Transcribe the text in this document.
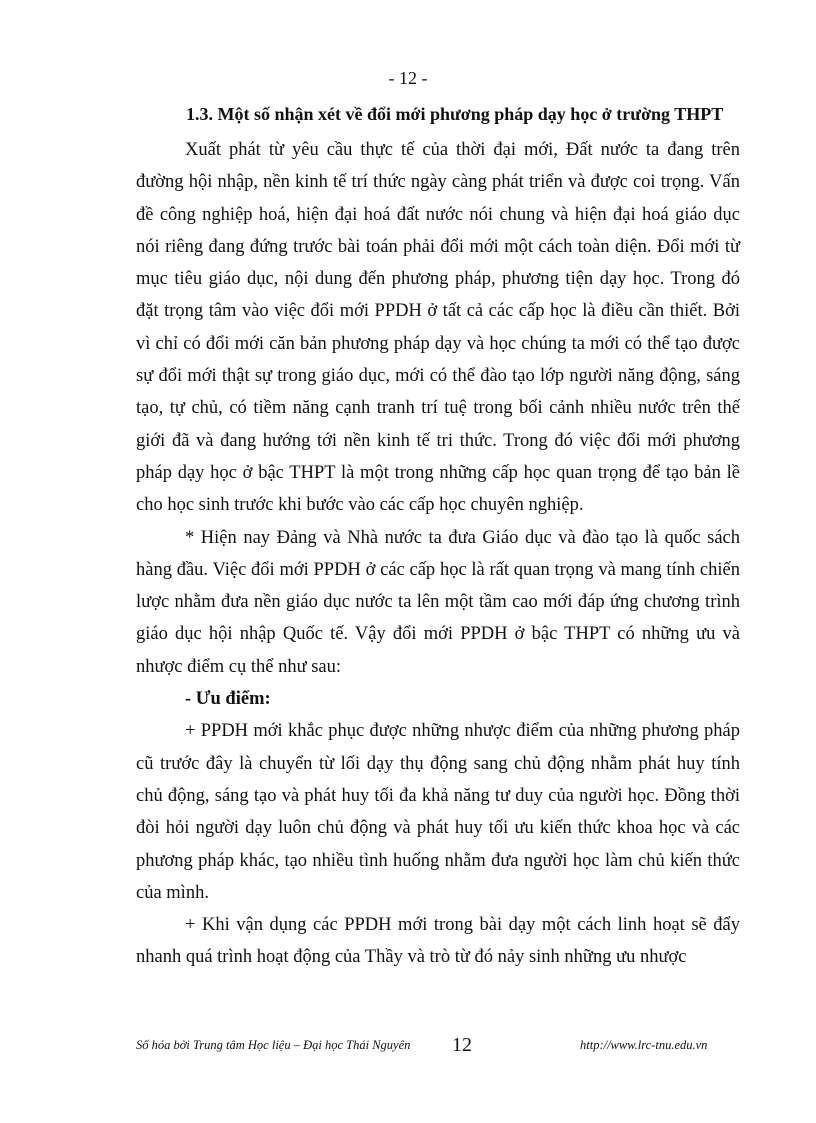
- 12 -
1.3. Một số nhận xét về đổi mới phương pháp dạy học ở trường THPT

Xuất phát từ yêu cầu thực tế của thời đại mới, Đất nước ta đang trên đường hội nhập, nền kinh tế trí thức ngày càng phát triển và được coi trọng. Vấn đề công nghiệp hoá, hiện đại hoá đất nước nói chung và hiện đại hoá giáo dục nói riêng đang đứng trước bài toán phải đổi mới một cách toàn diện. Đổi mới từ mục tiêu giáo dục, nội dung đến phương pháp, phương tiện dạy học. Trong đó đặt trọng tâm vào việc đổi mới PPDH ở tất cả các cấp học là điều cần thiết. Bởi vì chỉ có đổi mới căn bản phương pháp dạy và học chúng ta mới có thể tạo được sự đổi mới thật sự trong giáo dục, mới có thể đào tạo lớp người năng động, sáng tạo, tự chủ, có tiềm năng cạnh tranh trí tuệ trong bối cảnh nhiều nước trên thế giới đã và đang hướng tới nền kinh tế tri thức. Trong đó việc đổi mới phương pháp dạy học ở bậc THPT là một trong những cấp học quan trọng để tạo bản lề cho học sinh trước khi bước vào các cấp học chuyên nghiệp.

* Hiện nay Đảng và Nhà nước ta đưa Giáo dục và đào tạo là quốc sách hàng đầu. Việc đổi mới PPDH ở các cấp học là rất quan trọng và mang tính chiến lược nhằm đưa nền giáo dục nước ta lên một tầm cao mới đáp ứng chương trình giáo dục hội nhập Quốc tế. Vậy đổi mới PPDH ở bậc THPT có những ưu và nhược điểm cụ thể như sau:

- Ưu điểm:

+ PPDH mới khắc phục được những nhược điểm của những phương pháp cũ trước đây là chuyển từ lối dạy thụ động sang chủ động nhằm phát huy tính chủ động, sáng tạo và phát huy tối đa khả năng tư duy của người học. Đồng thời đòi hỏi người dạy luôn chủ động và phát huy tối ưu kiến thức khoa học và các phương pháp khác, tạo nhiều tình huống nhằm đưa người học làm chủ kiến thức của mình.

+ Khi vận dụng các PPDH mới trong bài dạy một cách linh hoạt sẽ đẩy nhanh quá trình hoạt động của Thầy và trò từ đó nảy sinh những ưu nhược

Số hóa bởi Trung tâm Học liệu – Đại học Thái Nguyên 12	http://www.lrc-tnu.edu.vn
